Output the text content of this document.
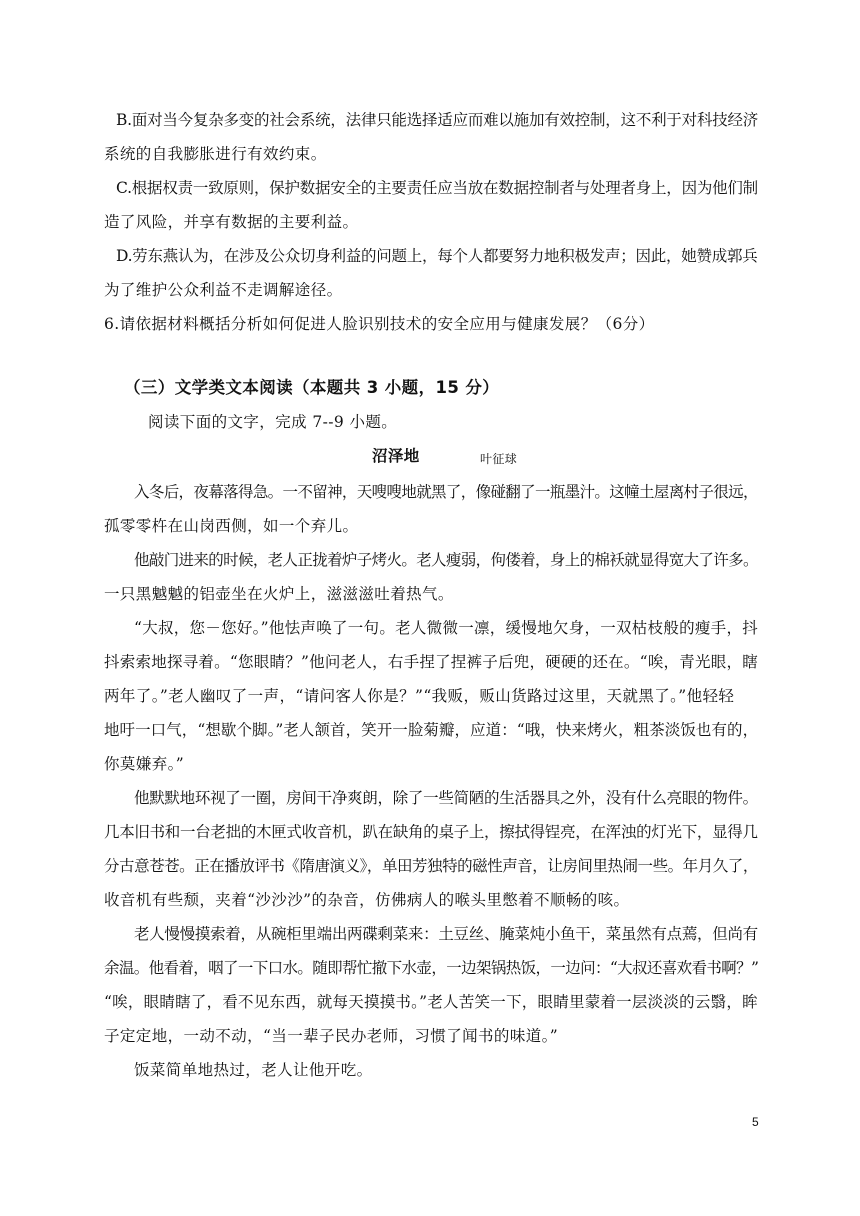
B.面对当今复杂多变的社会系统，法律只能选择适应而难以施加有效控制，这不利于对科技经济
系统的自我膨胀进行有效约束。
C.根据权责一致原则，保护数据安全的主要责任应当放在数据控制者与处理者身上，因为他们制
造了风险，并享有数据的主要利益。
D.劳东燕认为，在涉及公众切身利益的问题上，每个人都要努力地积极发声；因此，她赞成郭兵
为了维护公众利益不走调解途径。
6.请依据材料概括分析如何促进人脸识别技术的安全应用与健康发展？（6分）
（三）文学类文本阅读（本题共 3 小题，15 分）
阅读下面的文字，完成 7--9 小题。
沼泽地	叶征球
入冬后，夜幕落得急。一不留神，天嗖嗖地就黑了，像碰翻了一瓶墨汁。这幢土屋离村子很远，
孤零零杵在山岗西侧，如一个弃儿。
他敲门进来的时候，老人正拢着炉子烤火。老人瘦弱，佝偻着，身上的棉袄就显得宽大了许多。
一只黑魆魆的铝壶坐在火炉上，滋滋滋吐着热气。
“大叔，您－您好。”他怯声唤了一句。老人微微一凛，缓慢地欠身，一双枯枝般的瘦手，抖
抖索索地探寻着。“您眼睛？”他问老人，右手捏了捏裤子后兜，硬硬的还在。“唉，青光眼，瞎
两年了。”老人幽叹了一声，“请问客人你是？”“我贩，贩山货路过这里，天就黑了。”他轻轻
地吁一口气，“想歇个脚。”老人颔首，笑开一脸菊瓣，应道：“哦，快来烤火，粗茶淡饭也有的，
你莫嫌弃。”
他默默地环视了一圈，房间干净爽朗，除了一些简陋的生活器具之外，没有什么亮眼的物件。
几本旧书和一台老拙的木匣式收音机，趴在缺角的桌子上，擦拭得锃亮，在浑浊的灯光下，显得几
分古意苍苍。正在播放评书《隋唐演义》，单田芳独特的磁性声音，让房间里热闹一些。年月久了，
收音机有些颓，夹着“沙沙沙”的杂音，仿佛病人的喉头里憋着不顺畅的咳。
老人慢慢摸索着，从碗柜里端出两碟剩菜来：土豆丝、腌菜炖小鱼干，菜虽然有点蔫，但尚有
余温。他看着，咽了一下口水。随即帮忙撤下水壶，一边架锅热饭，一边问：“大叔还喜欢看书啊？”
“唉，眼睛瞎了，看不见东西，就每天摸摸书。”老人苦笑一下，眼睛里蒙着一层淡淡的云翳，眸
子定定地，一动不动，“当一辈子民办老师，习惯了闻书的味道。”
饭菜简单地热过，老人让他开吃。
5
